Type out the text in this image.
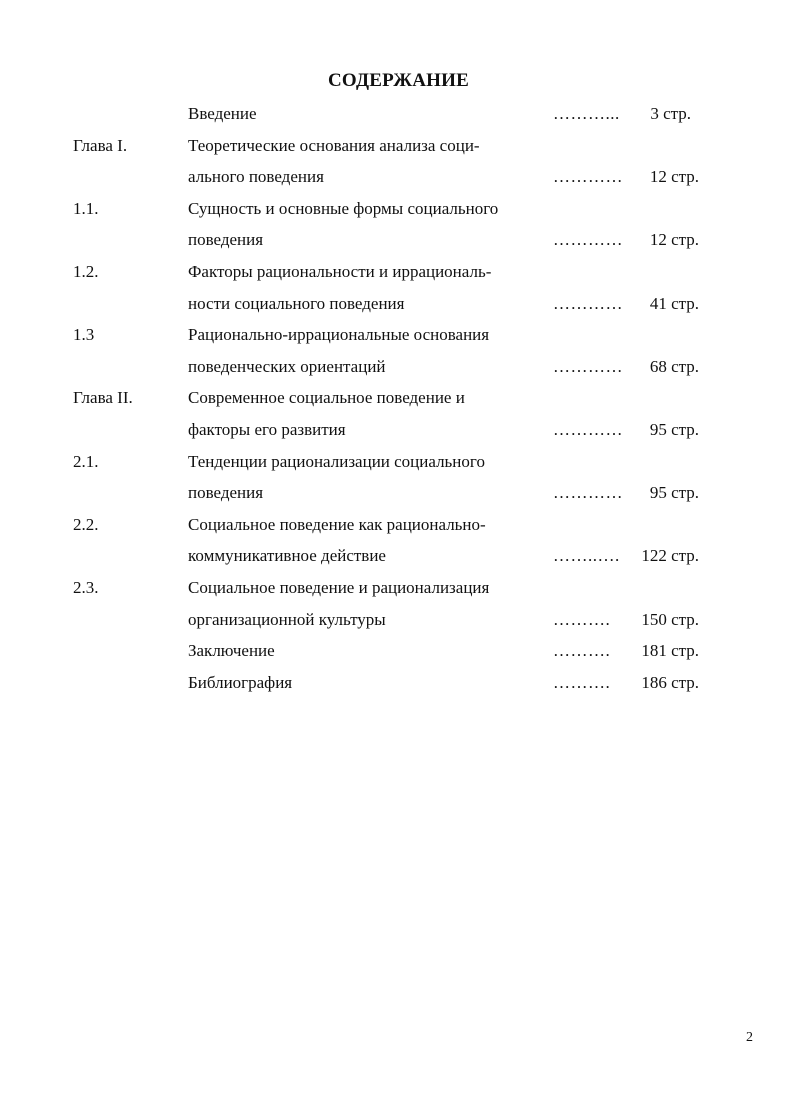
СОДЕРЖАНИЕ
Введение	………... 3 стр.
Глава I.	Теоретические основания анализа соци-
ального поведения	………… 12 стр.
1.1.	Сущность и основные формы социального
поведения	………… 12 стр.
1.2.	Факторы рациональности и иррациональ-
ности социального поведения	………… 41 стр.
1.3	Рационально-иррациональные основания
поведенческих ориентаций	………… 68 стр.
Глава II.	Современное социальное поведение и
факторы его развития	………… 95 стр.
2.1.	Тенденции рационализации социального
поведения	………… 95 стр.
2.2.	Социальное поведение как рационально-
коммуникативное действие	……..…. 122 стр.
2.3.	Социальное поведение и рационализация
организационной культуры	………. 150 стр.
Заключение	………. 181 стр.
Библиография	………. 186 стр.
2
